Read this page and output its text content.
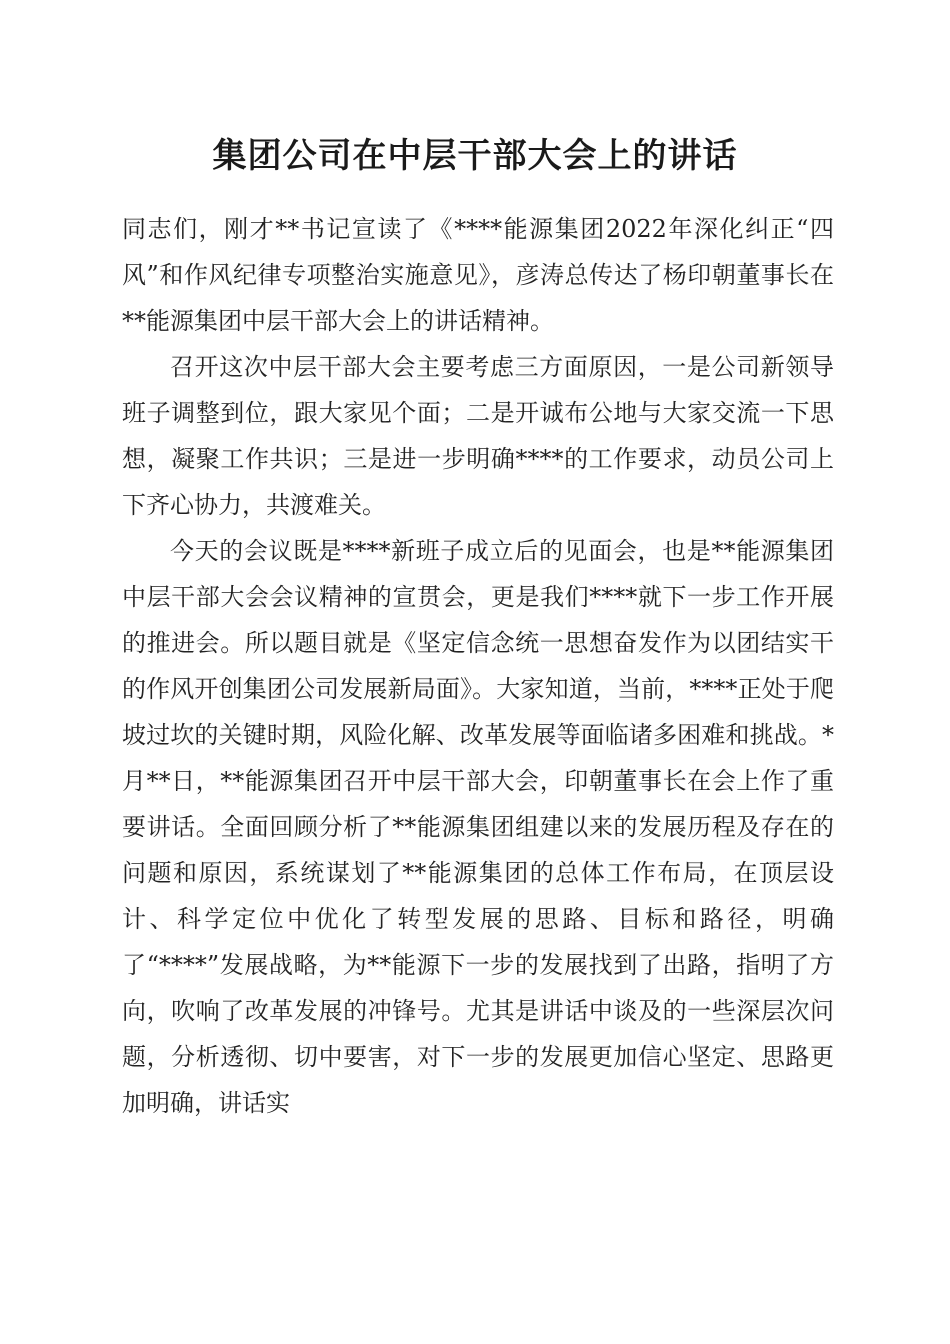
集团公司在中层干部大会上的讲话

同志们，刚才**书记宣读了《****能源集团2022年深化纠正“四风”和作风纪律专项整治实施意见》，彦涛总传达了杨印朝董事长在**能源集团中层干部大会上的讲话精神。

召开这次中层干部大会主要考虑三方面原因，一是公司新领导班子调整到位，跟大家见个面；二是开诚布公地与大家交流一下思想，凝聚工作共识；三是进一步明确****的工作要求，动员公司上下齐心协力，共渡难关。

今天的会议既是****新班子成立后的见面会，也是**能源集团中层干部大会会议精神的宣贯会，更是我们****就下一步工作开展的推进会。所以题目就是《坚定信念统一思想奋发作为以团结实干的作风开创集团公司发展新局面》。大家知道，当前，****正处于爬坡过坎的关键时期，风险化解、改革发展等面临诸多困难和挑战。*月**日，**能源集团召开中层干部大会，印朝董事长在会上作了重要讲话。全面回顾分析了**能源集团组建以来的发展历程及存在的问题和原因，系统谋划了**能源集团的总体工作布局，在顶层设计、科学定位中优化了转型发展的思路、目标和路径，明确了“****”发展战略，为**能源下一步的发展找到了出路，指明了方向，吹响了改革发展的冲锋号。尤其是讲话中谈及的一些深层次问题，分析透彻、切中要害，对下一步的发展更加信心坚定、思路更加明确，讲话实
